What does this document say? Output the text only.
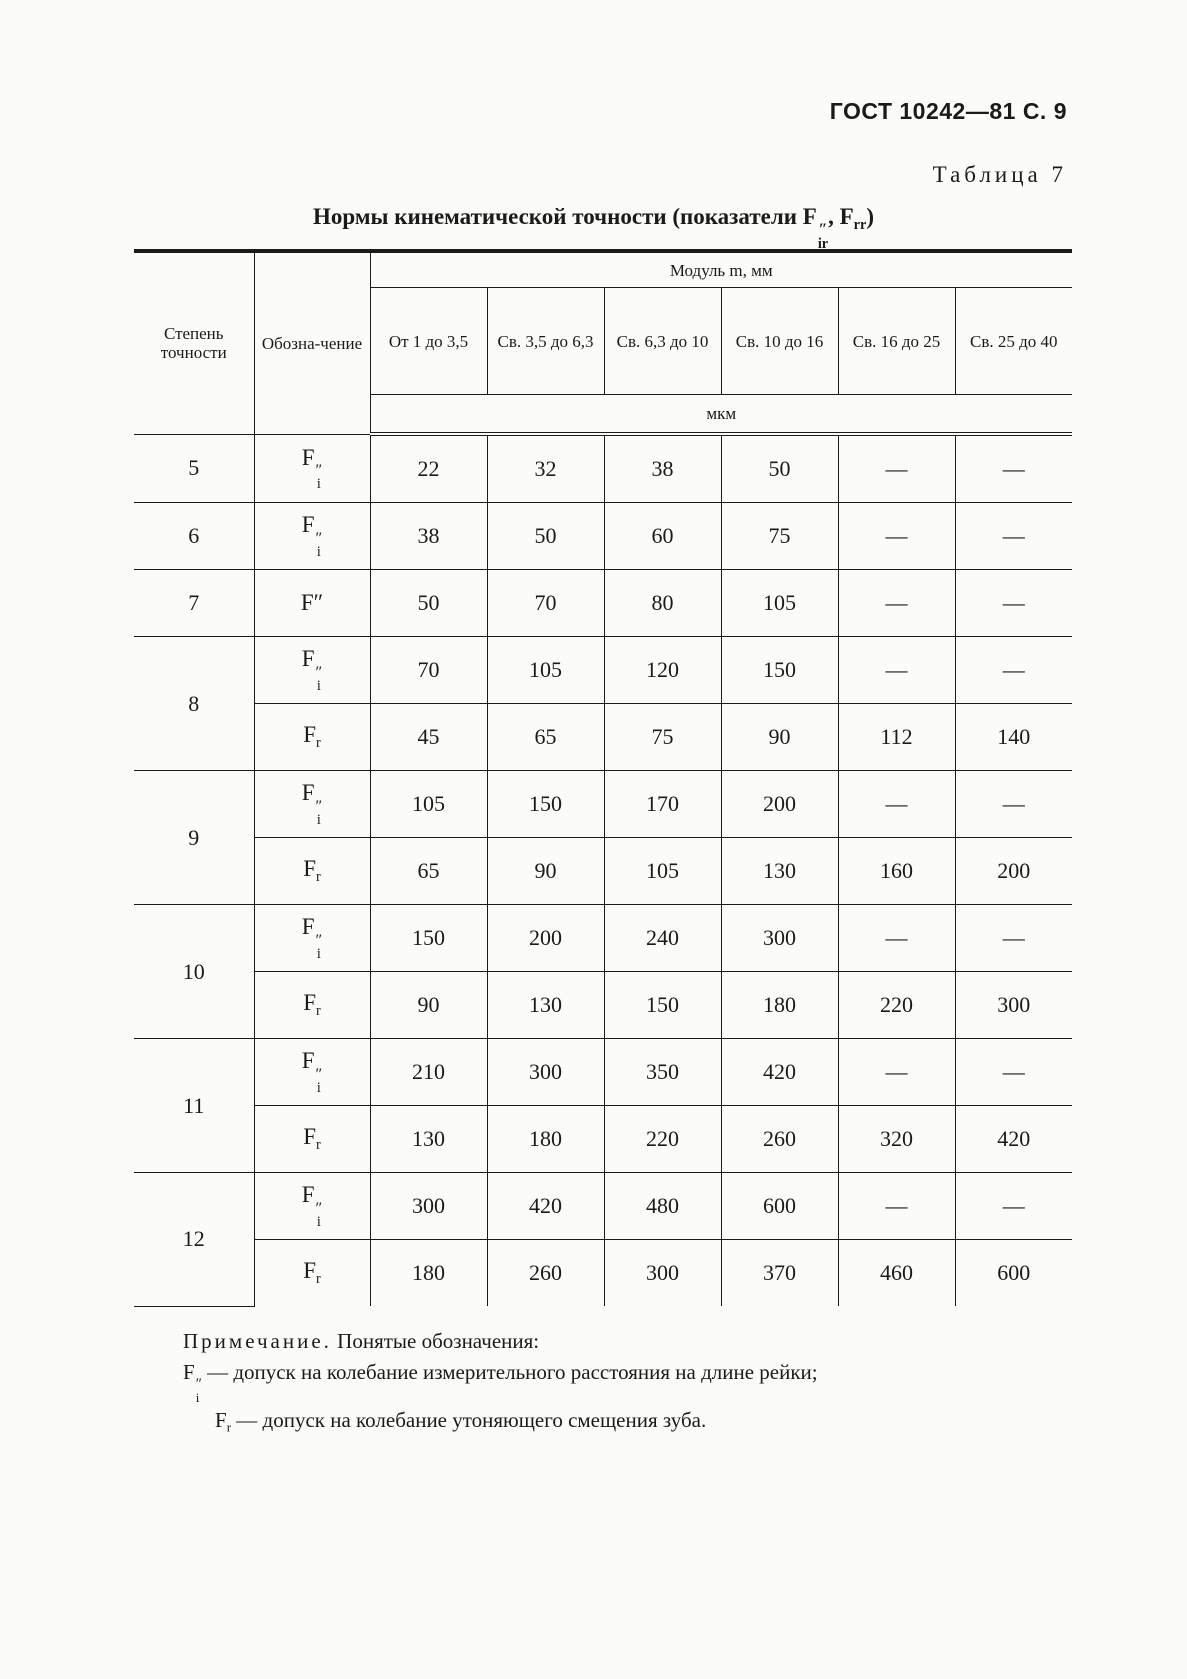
ГОСТ 10242—81 С. 9
Таблица 7
Нормы кинематической точности (показатели F
″
ir
, $F_{rr}$)
Степень точности	Обозна-чение	Модуль m, мм					
		От 1 до 3,5	Св. 3,5 до 6,3	Св. 6,3 до 10	Св. 10 до 16	Св. 16 до 25	Св. 25 до 40
		мкм					
5	F
″
i	22	32	38	50	—	—
6	F
″
i	38	50	60	75	—	—
7	F″	50	70	80	105	—	—
8	F
″
i	70	105	120	150	—	—
	$F_r$	45	65	75	90	112	140
9	F
″
i	105	150	170	200	—	—
	$F_r$	65	90	105	130	160	200
10	F
″
i	150	200	240	300	—	—
	$F_r$	90	130	150	180	220	300
11	F
″
i	210	300	350	420	—	—
	$F_r$	130	180	220	260	320	420
12	F
″
i	300	420	480	600	—	—
	$F_r$	180	260	300	370	460	600
Примечание. Понятые обозначения:
F
″
i
— допуск на колебание измерительного расстояния на длине рейки;
$F_r$ — допуск на колебание утоняющего смещения зуба.
